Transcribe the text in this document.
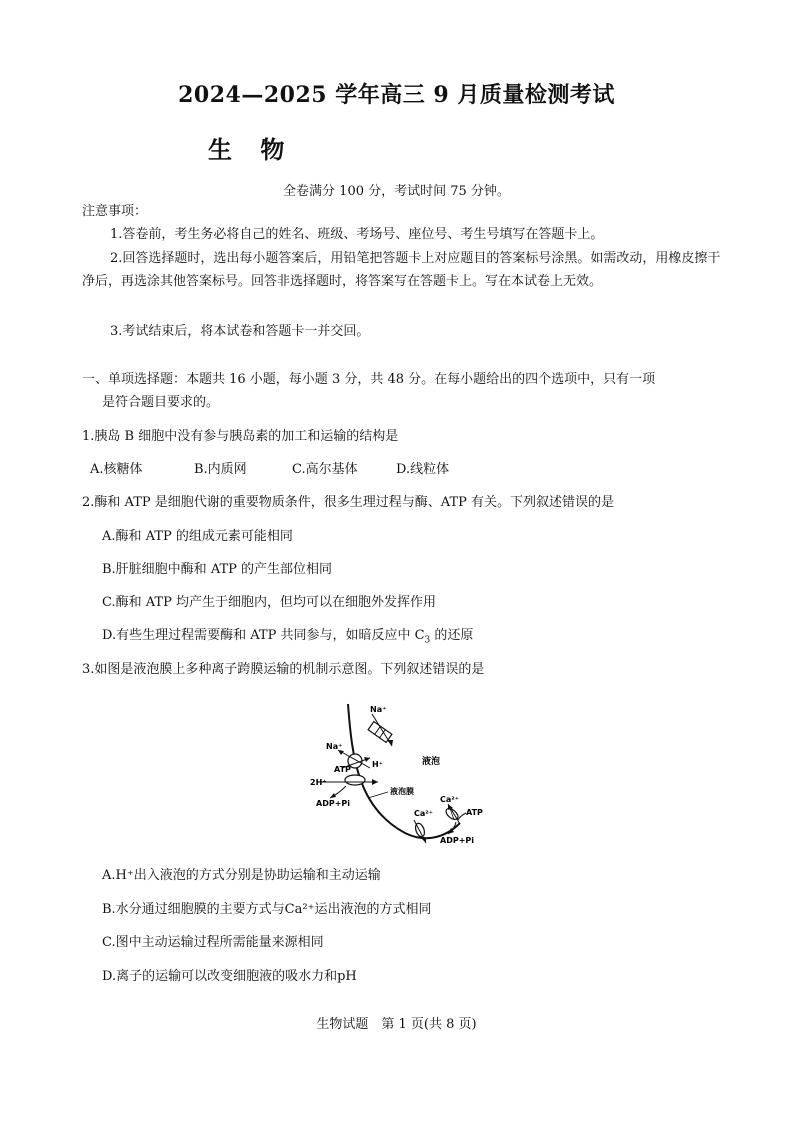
2024—2025 学年高三 9 月质量检测考试
生 物
全卷满分 100 分，考试时间 75 分钟。
注意事项：
1.答卷前，考生务必将自己的姓名、班级、考场号、座位号、考生号填写在答题卡上。
2.回答选择题时，选出每小题答案后，用铅笔把答题卡上对应题目的答案标号涂黑。如需改动，用橡皮擦干净后，再选涂其他答案标号。回答非选择题时，将答案写在答题卡上。写在本试卷上无效。
3.考试结束后，将本试卷和答题卡一并交回。
一、单项选择题：本题共 16 小题，每小题 3 分，共 48 分。在每小题给出的四个选项中，只有一项
是符合题目要求的。
1.胰岛 B 细胞中没有参与胰岛素的加工和运输的结构是
A.核糖体	B.内质网	C.高尔基体	D.线粒体
2.酶和 ATP 是细胞代谢的重要物质条件，很多生理过程与酶、ATP 有关。下列叙述错误的是
A.酶和 ATP 的组成元素可能相同
B.肝脏细胞中酶和 ATP 的产生部位相同
C.酶和 ATP 均产生于细胞内，但均可以在细胞外发挥作用
D.有些生理过程需要酶和 ATP 共同参与，如暗反应中 $C_3$ 的还原
3.如图是液泡膜上多种离子跨膜运输的机制示意图。下列叙述错误的是
Na⁺
Na⁺
H⁺	液泡
ATP
2H⁺
ADP+Pi
液泡膜
Ca²⁺
Ca²⁺
ATP
ADP+Pi
A.H⁺出入液泡的方式分别是协助运输和主动运输
B.水分通过细胞膜的主要方式与Ca²⁺运出液泡的方式相同
C.图中主动运输过程所需能量来源相同
D.离子的运输可以改变细胞液的吸水力和pH
生物试题　第 1 页(共 8 页)
